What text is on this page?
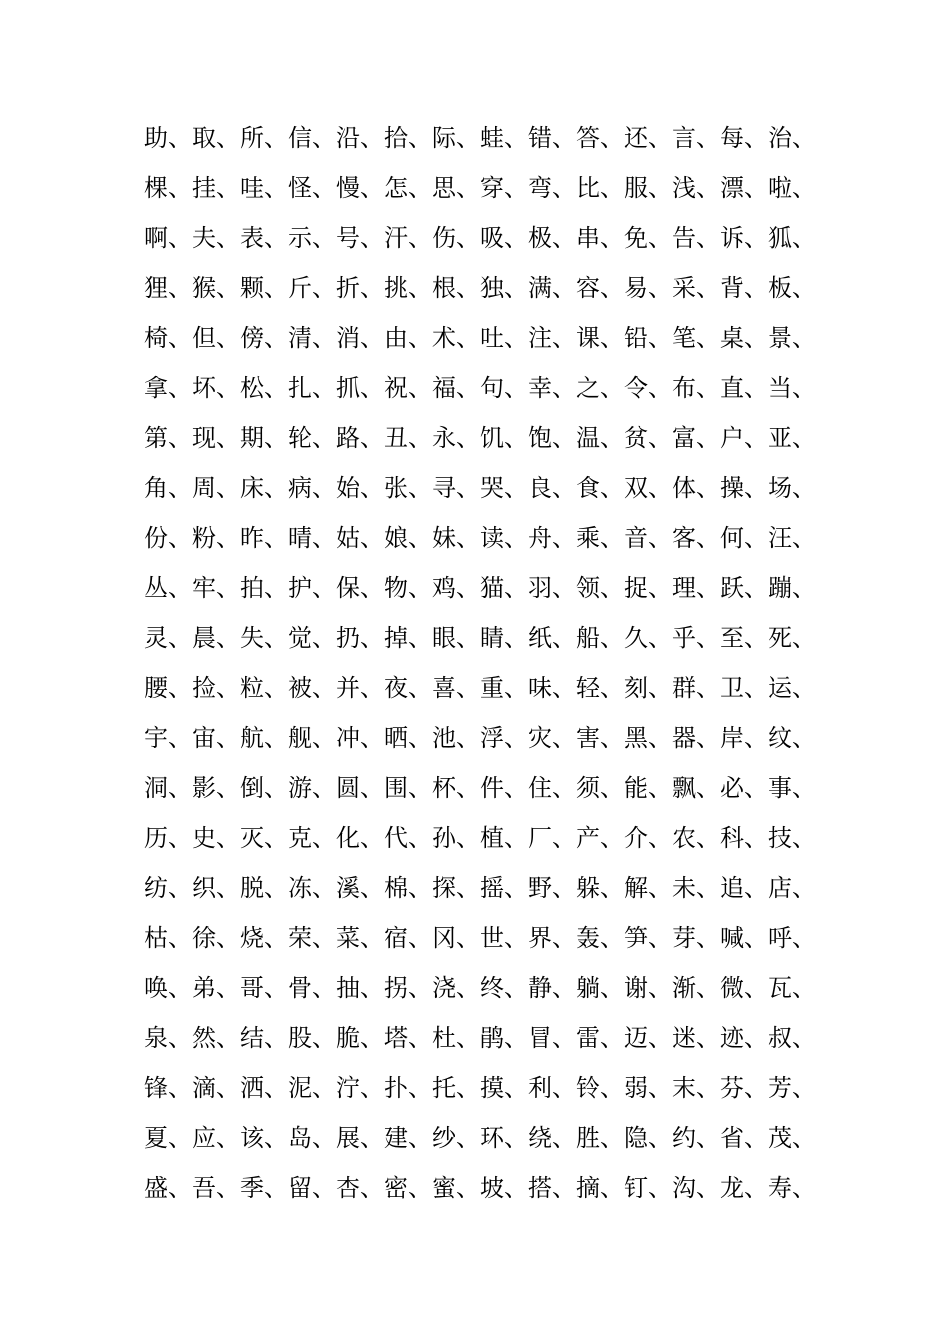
助、 取、 所、 信、 沿、 拾、 际、 蛙、 错、 答、 还、 言、 每、 治、
棵、 挂、 哇、 怪、 慢、 怎、 思、 穿、 弯、 比、 服、 浅、 漂、 啦、
啊、 夫、 表、 示、 号、 汗、 伤、 吸、 极、 串、 免、 告、 诉、 狐、
狸、 猴、 颗、 斤、 折、 挑、 根、 独、 满、 容、 易、 采、 背、 板、
椅、 但、 傍、 清、 消、 由、 术、 吐、 注、 课、 铅、 笔、 桌、 景、
拿、 坏、 松、 扎、 抓、 祝、 福、 句、 幸、 之、 令、 布、 直、 当、
第、 现、 期、 轮、 路、 丑、 永、 饥、 饱、 温、 贫、 富、 户、 亚、
角、 周、 床、 病、 始、 张、 寻、 哭、 良、 食、 双、 体、 操、 场、
份、 粉、 昨、 晴、 姑、 娘、 妹、 读、 舟、 乘、 音、 客、 何、 汪、
丛、 牢、 拍、 护、 保、 物、 鸡、 猫、 羽、 领、 捉、 理、 跃、 蹦、
灵、 晨、 失、 觉、 扔、 掉、 眼、 睛、 纸、 船、 久、 乎、 至、 死、
腰、 捡、 粒、 被、 并、 夜、 喜、 重、 味、 轻、 刻、 群、 卫、 运、
宇、 宙、 航、 舰、 冲、 晒、 池、 浮、 灾、 害、 黑、 器、 岸、 纹、
洞、 影、 倒、 游、 圆、 围、 杯、 件、 住、 须、 能、 飘、 必、 事、
历、 史、 灭、 克、 化、 代、 孙、 植、 厂、 产、 介、 农、 科、 技、
纺、 织、 脱、 冻、 溪、 棉、 探、 摇、 野、 躲、 解、 未、 追、 店、
枯、 徐、 烧、 荣、 菜、 宿、 冈、 世、 界、 轰、 笋、 芽、 喊、 呼、
唤、 弟、 哥、 骨、 抽、 拐、 浇、 终、 静、 躺、 谢、 渐、 微、 瓦、
泉、 然、 结、 股、 脆、 塔、 杜、 鹃、 冒、 雷、 迈、 迷、 迹、 叔、
锋、 滴、 洒、 泥、 泞、 扑、 托、 摸、 利、 铃、 弱、 末、 芬、 芳、
夏、 应、 该、 岛、 展、 建、 纱、 环、 绕、 胜、 隐、 约、 省、 茂、
盛、 吾、 季、 留、 杏、 密、 蜜、 坡、 搭、 摘、 钉、 沟、 龙、 寿、
